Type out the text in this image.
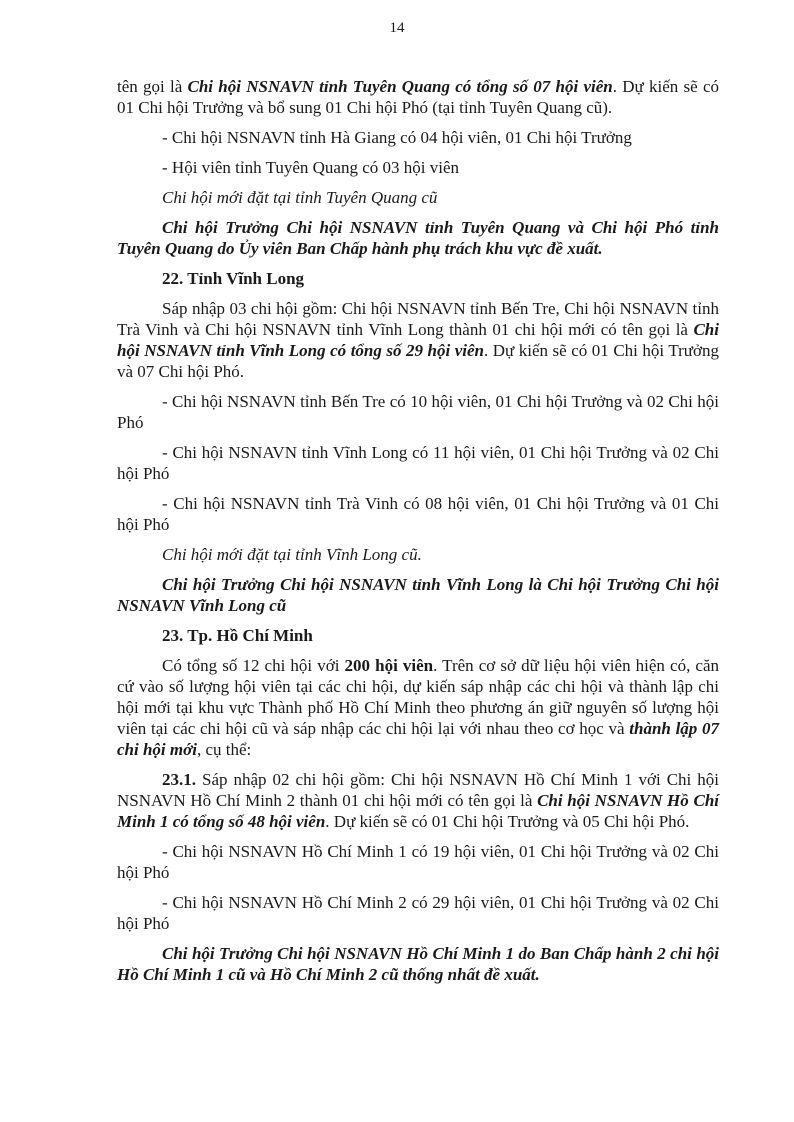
14

tên gọi là Chi hội NSNAVN tỉnh Tuyên Quang có tổng số 07 hội viên. Dự kiến sẽ có 01 Chi hội Trưởng và bổ sung 01 Chi hội Phó (tại tỉnh Tuyên Quang cũ).

- Chi hội NSNAVN tỉnh Hà Giang có 04 hội viên, 01 Chi hội Trưởng

- Hội viên tỉnh Tuyên Quang có 03 hội viên

Chi hội mới đặt tại tỉnh Tuyên Quang cũ

Chi hội Trưởng Chi hội NSNAVN tỉnh Tuyên Quang và Chi hội Phó tỉnh Tuyên Quang do Ủy viên Ban Chấp hành phụ trách khu vực đề xuất.

22. Tỉnh Vĩnh Long

Sáp nhập 03 chi hội gồm: Chi hội NSNAVN tỉnh Bến Tre, Chi hội NSNAVN tỉnh Trà Vinh và Chi hội NSNAVN tỉnh Vĩnh Long thành 01 chi hội mới có tên gọi là Chi hội NSNAVN tỉnh Vĩnh Long có tổng số 29 hội viên. Dự kiến sẽ có 01 Chi hội Trưởng và 07 Chi hội Phó.

- Chi hội NSNAVN tỉnh Bến Tre có 10 hội viên, 01 Chi hội Trưởng và 02 Chi hội Phó

- Chi hội NSNAVN tỉnh Vĩnh Long có 11 hội viên, 01 Chi hội Trưởng và 02 Chi hội Phó

- Chi hội NSNAVN tỉnh Trà Vinh có 08 hội viên, 01 Chi hội Trưởng và 01 Chi hội Phó

Chi hội mới đặt tại tỉnh Vĩnh Long cũ.

Chi hội Trưởng Chi hội NSNAVN tỉnh Vĩnh Long là Chi hội Trưởng Chi hội NSNAVN Vĩnh Long cũ

23. Tp. Hồ Chí Minh

Có tổng số 12 chi hội với 200 hội viên. Trên cơ sở dữ liệu hội viên hiện có, căn cứ vào số lượng hội viên tại các chi hội, dự kiến sáp nhập các chi hội và thành lập chi hội mới tại khu vực Thành phố Hồ Chí Minh theo phương án giữ nguyên số lượng hội viên tại các chi hội cũ và sáp nhập các chi hội lại với nhau theo cơ học và thành lập 07 chi hội mới, cụ thể:

23.1. Sáp nhập 02 chi hội gồm: Chi hội NSNAVN Hồ Chí Minh 1 với Chi hội NSNAVN Hồ Chí Minh 2 thành 01 chi hội mới có tên gọi là Chi hội NSNAVN Hồ Chí Minh 1 có tổng số 48 hội viên. Dự kiến sẽ có 01 Chi hội Trưởng và 05 Chi hội Phó.

- Chi hội NSNAVN Hồ Chí Minh 1 có 19 hội viên, 01 Chi hội Trưởng và 02 Chi hội Phó

- Chi hội NSNAVN Hồ Chí Minh 2 có 29 hội viên, 01 Chi hội Trưởng và 02 Chi hội Phó

Chi hội Trưởng Chi hội NSNAVN Hồ Chí Minh 1 do Ban Chấp hành 2 chi hội Hồ Chí Minh 1 cũ và Hồ Chí Minh 2 cũ thống nhất đề xuất.
